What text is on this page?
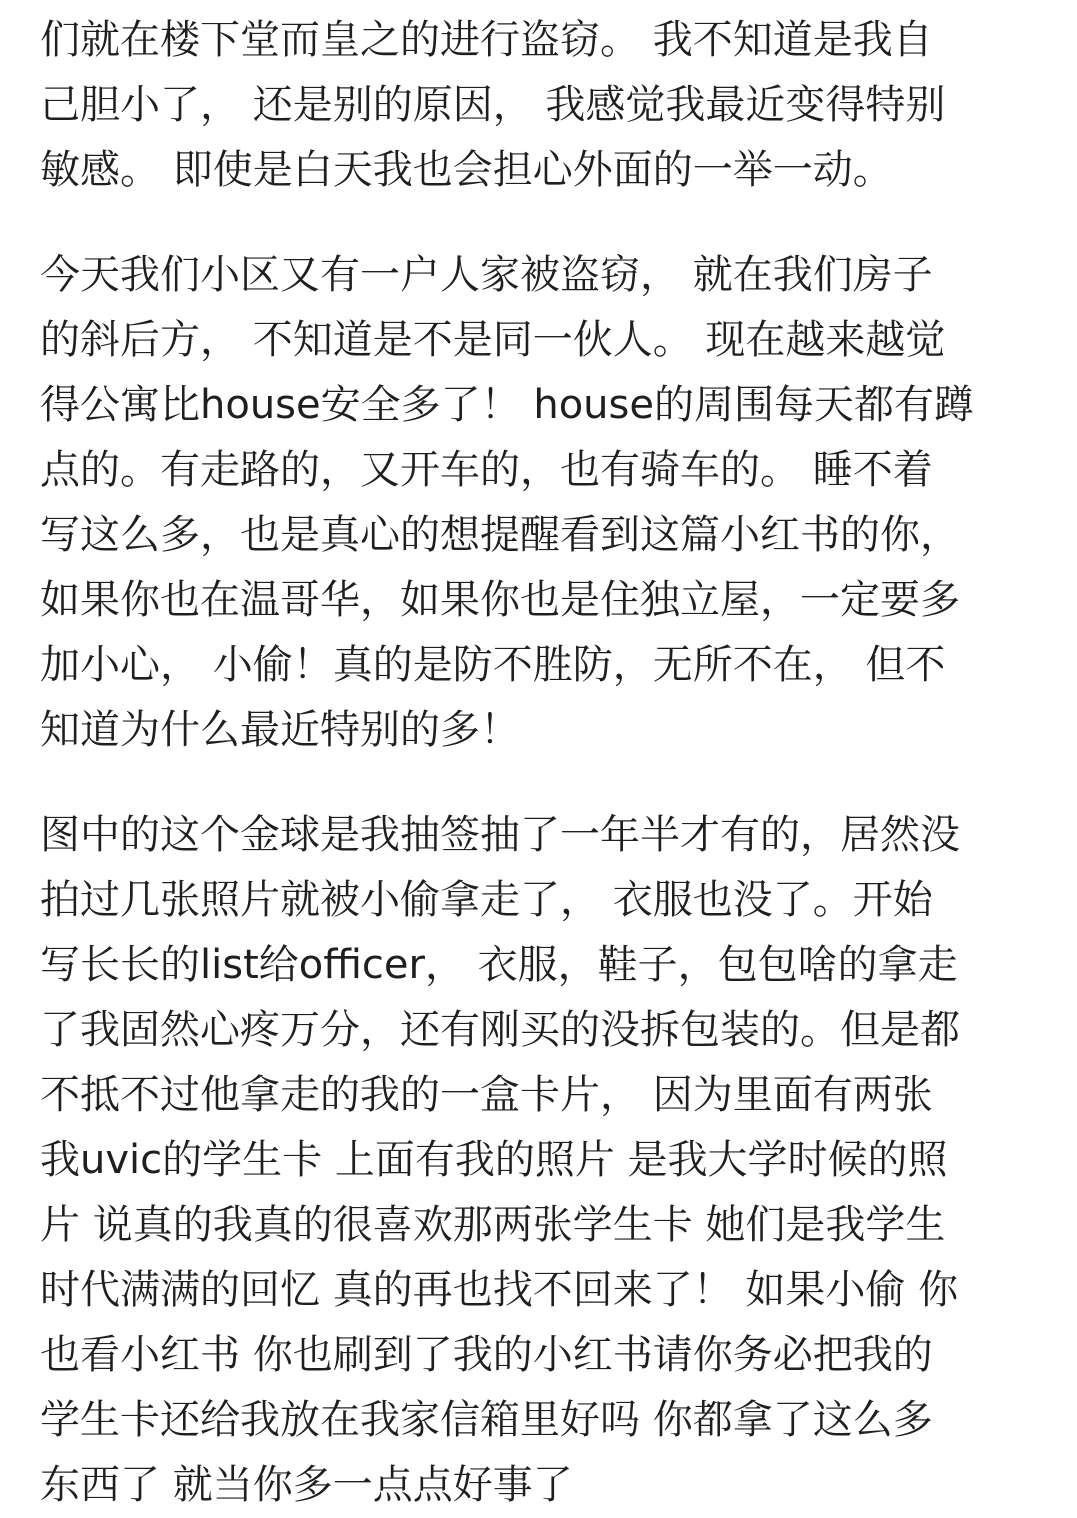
们就在楼下堂而皇之的进行盗窃。 我不知道是我自
己胆小了， 还是别的原因， 我感觉我最近变得特别
敏感。 即使是白天我也会担心外面的一举一动。
今天我们小区又有一户人家被盗窃， 就在我们房子
的斜后方， 不知道是不是同一伙人。 现在越来越觉
得公寓比house安全多了！ house的周围每天都有蹲
点的。有走路的，又开车的，也有骑车的。 睡不着
写这么多，也是真心的想提醒看到这篇小红书的你，
如果你也在温哥华，如果你也是住独立屋，一定要多
加小心， 小偷！真的是防不胜防，无所不在， 但不
知道为什么最近特别的多！
图中的这个金球是我抽签抽了一年半才有的，居然没
拍过几张照片就被小偷拿走了， 衣服也没了。开始
写长长的list给officer， 衣服，鞋子，包包啥的拿走
了我固然心疼万分，还有刚买的没拆包装的。但是都
不抵不过他拿走的我的一盒卡片， 因为里面有两张
我uvic的学生卡 上面有我的照片 是我大学时候的照
片 说真的我真的很喜欢那两张学生卡 她们是我学生
时代满满的回忆 真的再也找不回来了！ 如果小偷 你
也看小红书 你也刷到了我的小红书请你务必把我的
学生卡还给我放在我家信箱里好吗 你都拿了这么多
东西了 就当你多一点点好事了
